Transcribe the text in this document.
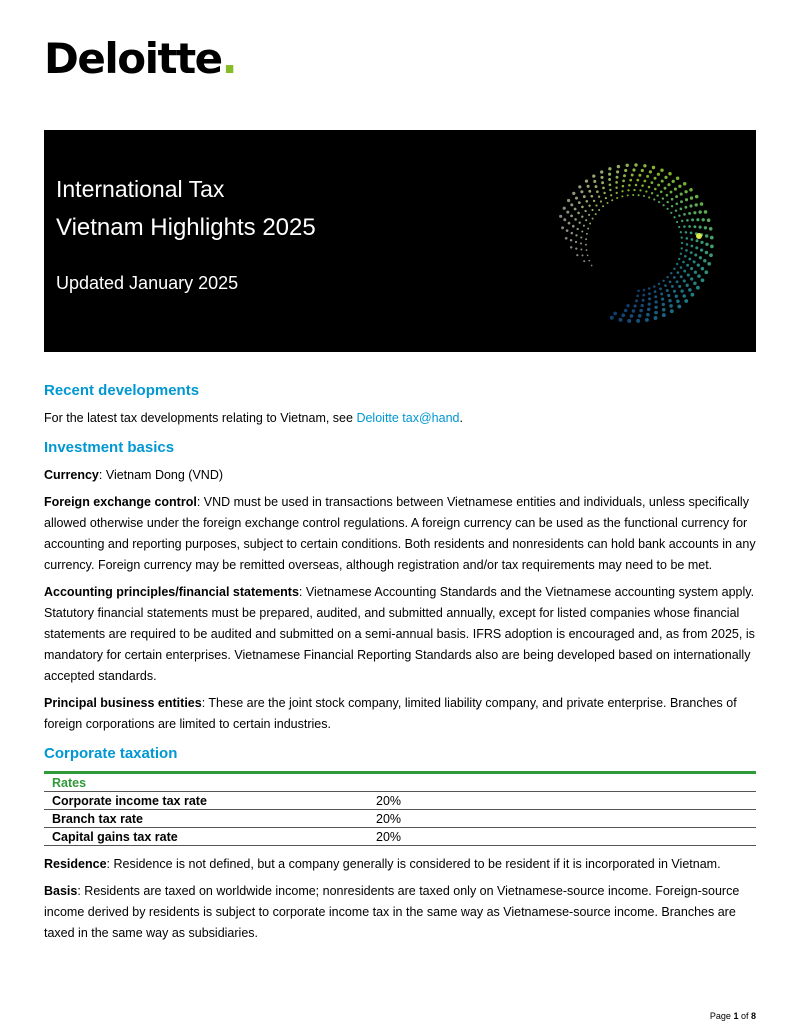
Deloitte.
International Tax
Vietnam Highlights 2025
Updated January 2025
Recent developments

For the latest tax developments relating to Vietnam, see Deloitte tax@hand.

Investment basics

Currency: Vietnam Dong (VND)

Foreign exchange control: VND must be used in transactions between Vietnamese entities and individuals, unless specifically allowed otherwise under the foreign exchange control regulations. A foreign currency can be used as the functional currency for accounting and reporting purposes, subject to certain conditions. Both residents and nonresidents can hold bank accounts in any currency. Foreign currency may be remitted overseas, although registration and/or tax requirements may need to be met.

Accounting principles/financial statements: Vietnamese Accounting Standards and the Vietnamese accounting system apply. Statutory financial statements must be prepared, audited, and submitted annually, except for listed companies whose financial statements are required to be audited and submitted on a semi-annual basis. IFRS adoption is encouraged and, as from 2025, is mandatory for certain enterprises. Vietnamese Financial Reporting Standards also are being developed based on internationally accepted standards.

Principal business entities: These are the joint stock company, limited liability company, and private enterprise. Branches of foreign corporations are limited to certain industries.

Corporate taxation
Rates	
Corporate income tax rate	20%
Branch tax rate	20%
Capital gains tax rate	20%

Residence: Residence is not defined, but a company generally is considered to be resident if it is incorporated in Vietnam.

Basis: Residents are taxed on worldwide income; nonresidents are taxed only on Vietnamese-source income. Foreign-source income derived by residents is subject to corporate income tax in the same way as Vietnamese-source income. Branches are taxed in the same way as subsidiaries.

Page 1 of 8
